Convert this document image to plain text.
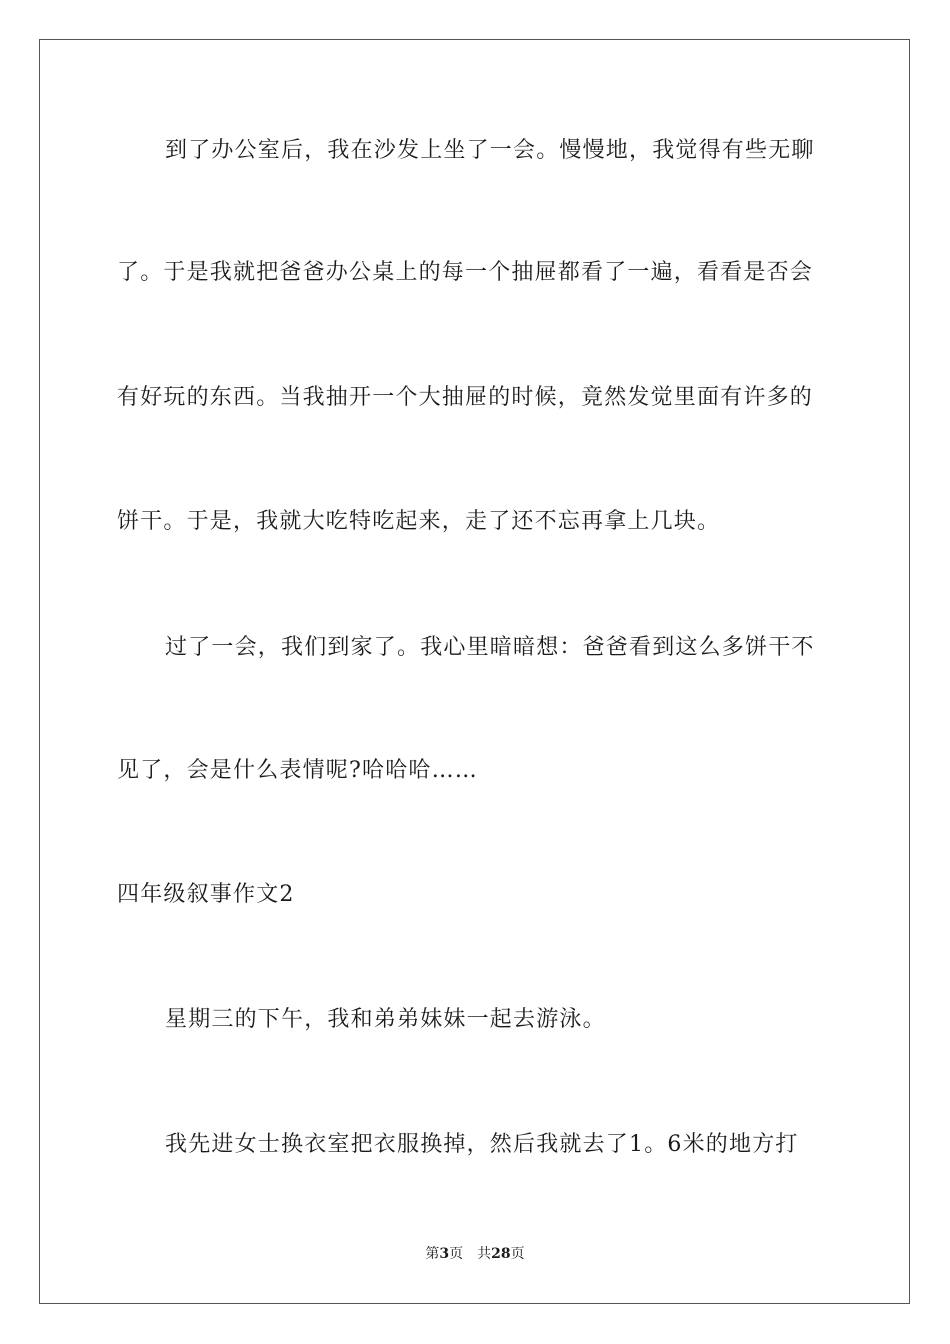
到了办公室后，我在沙发上坐了一会。慢慢地，我觉得有些无聊
了。于是我就把爸爸办公桌上的每一个抽屉都看了一遍，看看是否会
有好玩的东西。当我抽开一个大抽屉的时候，竟然发觉里面有许多的
饼干。于是，我就大吃特吃起来，走了还不忘再拿上几块。
过了一会，我们到家了。我心里暗暗想：爸爸看到这么多饼干不
见了，会是什么表情呢?哈哈哈……
四年级叙事作文2
星期三的下午，我和弟弟妹妹一起去游泳。
我先进女士换衣室把衣服换掉，然后我就去了1。6米的地方打
第3页 共28页
